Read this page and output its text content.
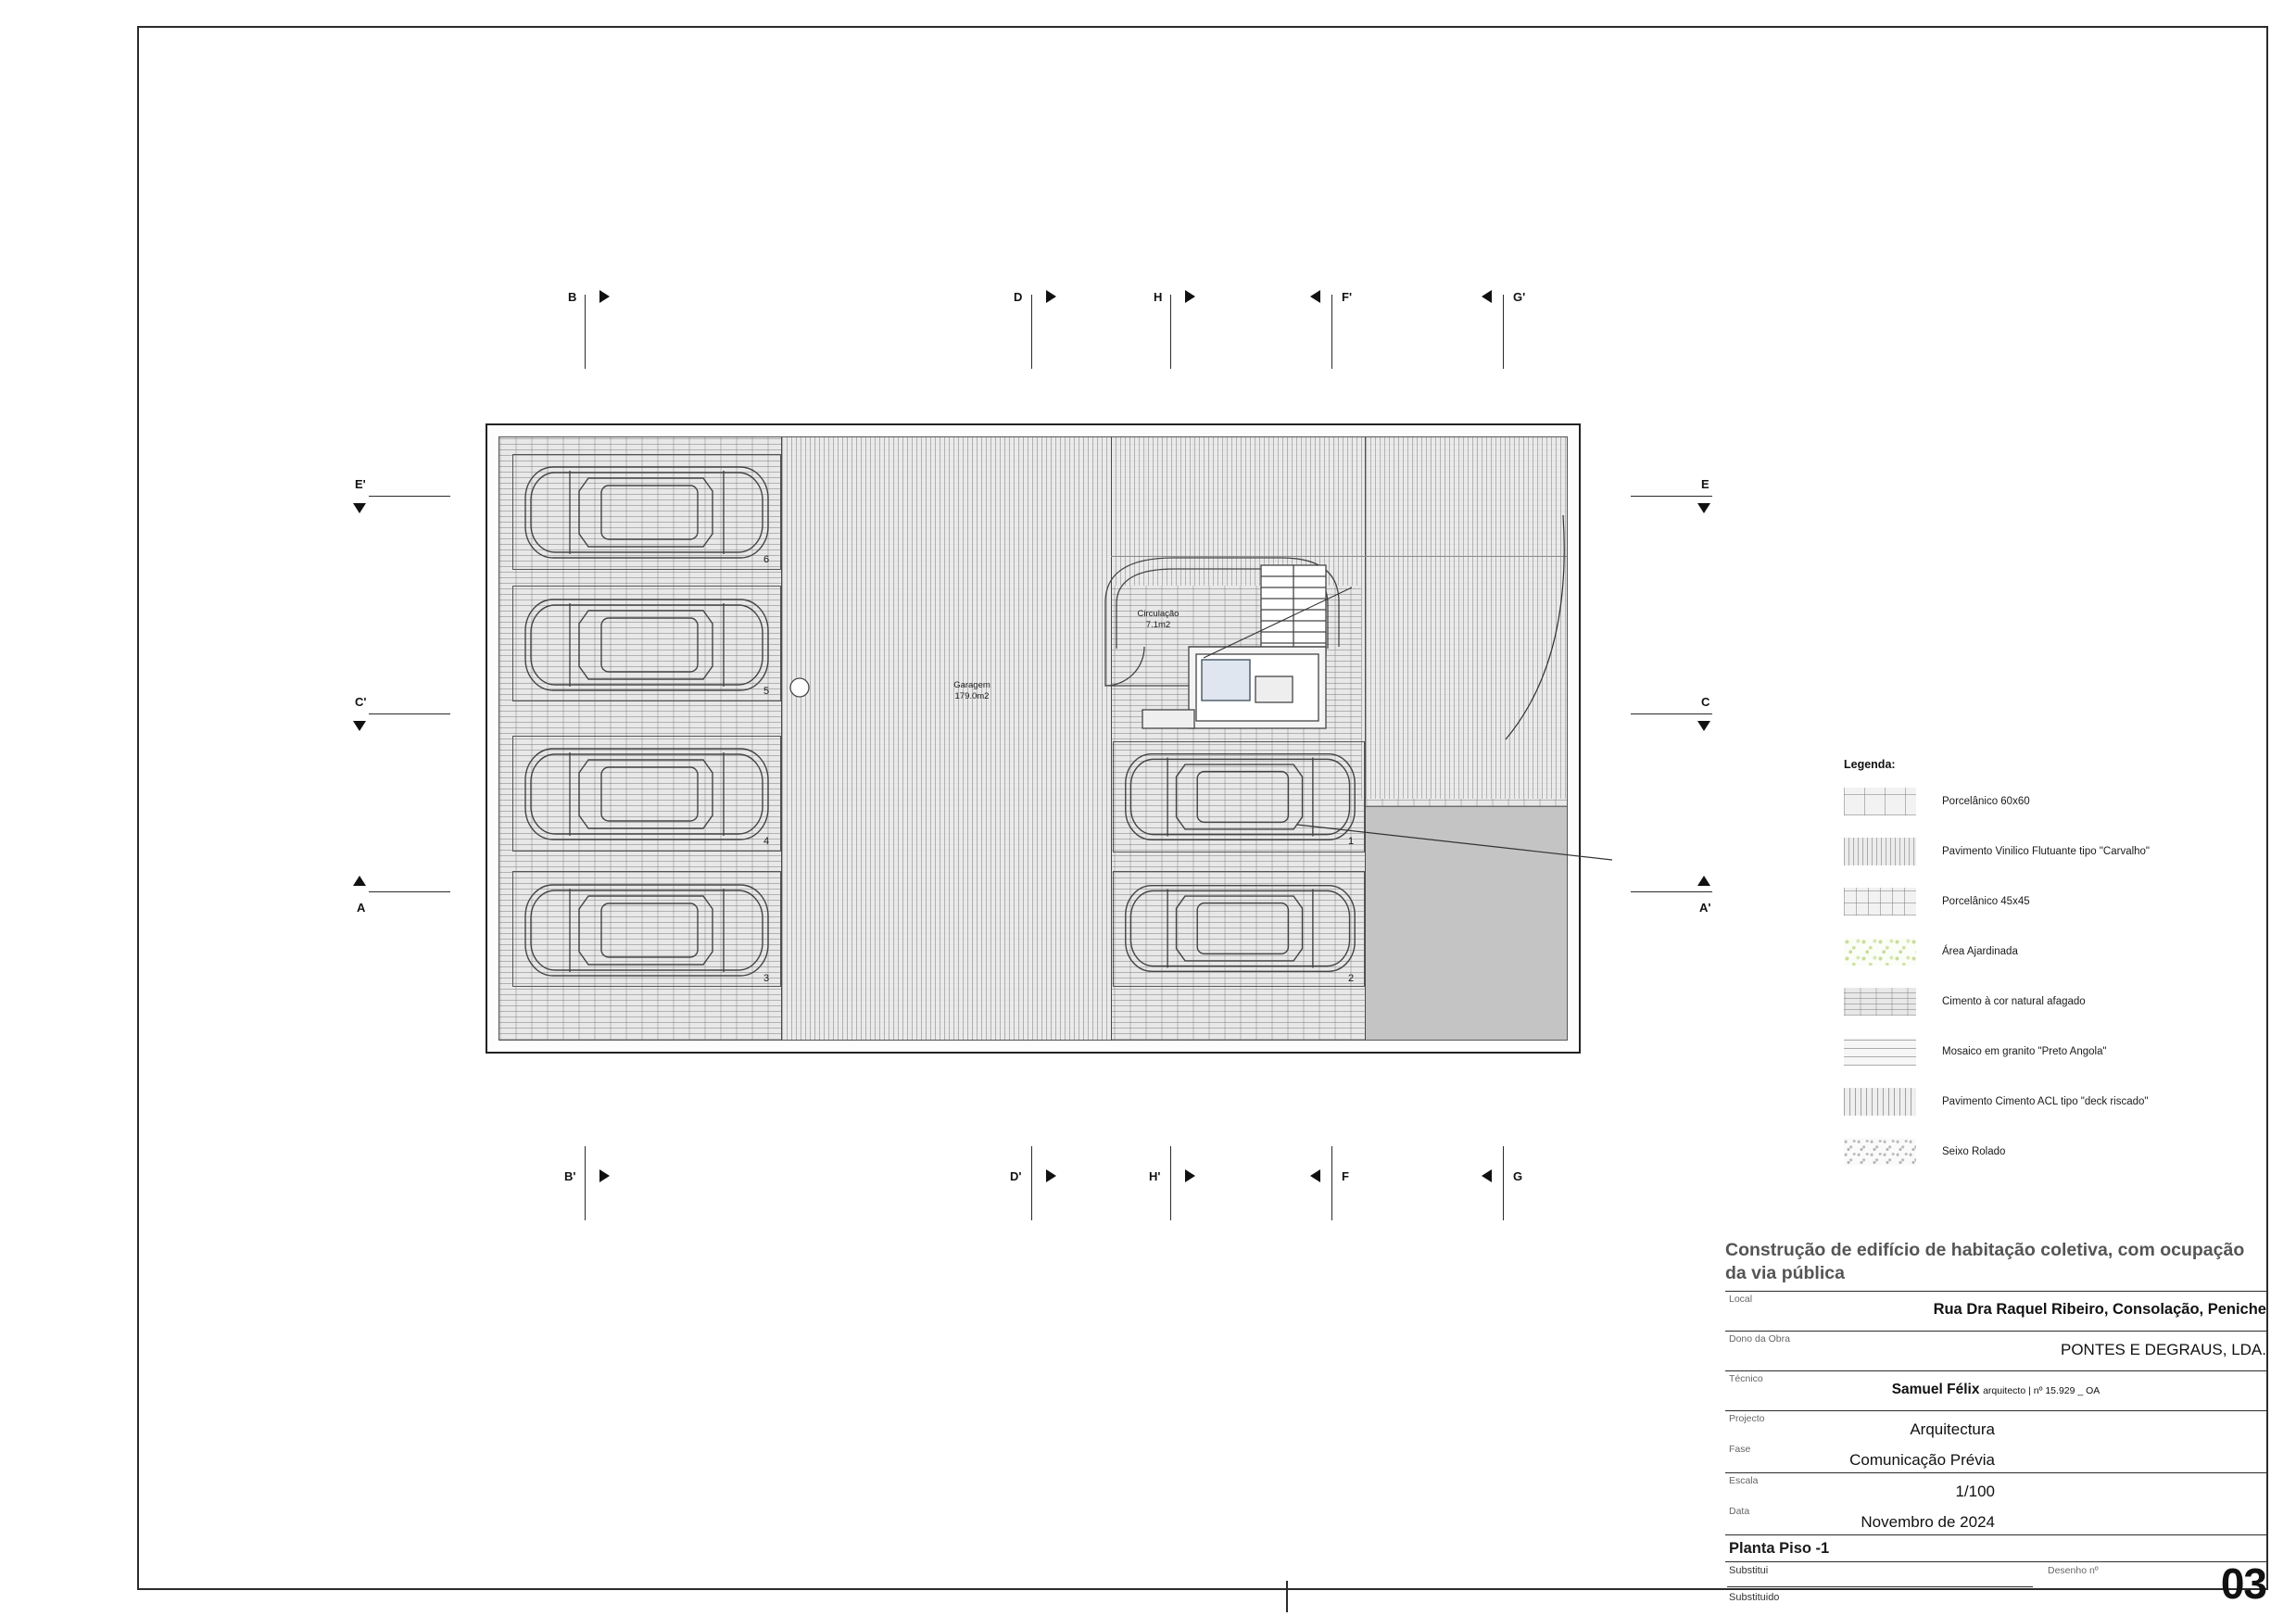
B	D	H	F'	G'
B'	D'	H'	F	G
E'
C'
A
E
C
A'
6
5
4
3
1
2
Circulação
7.1m2
Garagem
179.0m2
Legenda:
Porcelânico 60x60
Pavimento Vinilico Flutuante tipo "Carvalho"
Porcelânico 45x45
Área Ajardinada
Cimento à cor natural afagado
Mosaico em granito "Preto Angola"
Pavimento Cimento ACL tipo "deck riscado"
Seixo Rolado
Construção de edifício de habitação coletiva, com ocupação da via pública
Local
Rua Dra Raquel Ribeiro, Consolação, Peniche
Dono da Obra
PONTES E DEGRAUS, LDA.
Técnico
Samuel Félix arquitecto | nº 15.929 _ OA
Projecto
Arquitectura

Fase
Comunicação Prévia
Escala
1/100

Data
Novembro de 2024
Planta Piso -1
Substitui
Substituido
Desenho nº	03
